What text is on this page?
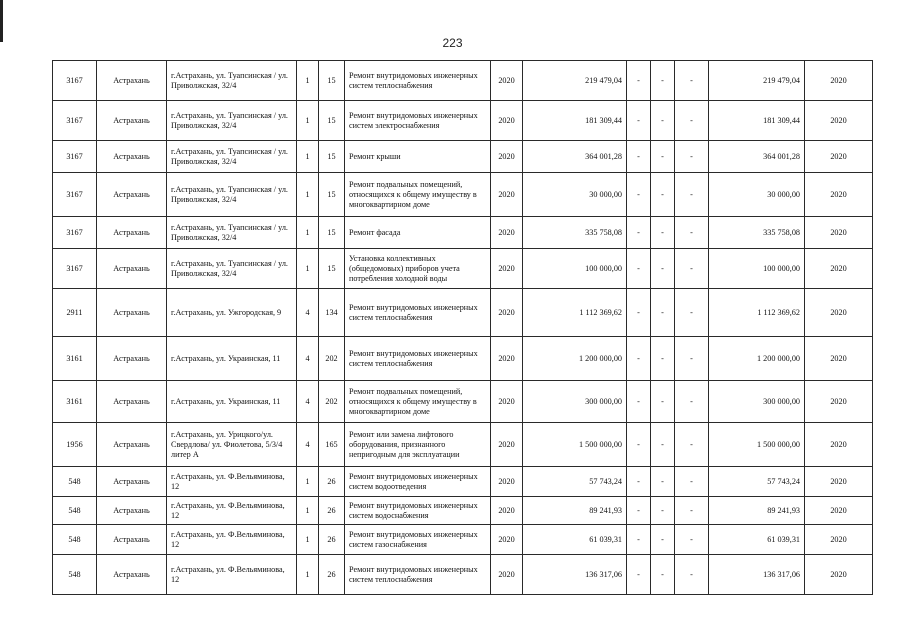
223
3167	Астрахань	г.Астрахань, ул. Туапсинская / ул. Приволжская, 32/4	1	15	Ремонт внутридомовых инженерных систем теплоснабжения	2020	219 479,04	-	-	-	219 479,04	2020
3167	Астрахань	г.Астрахань, ул. Туапсинская / ул. Приволжская, 32/4	1	15	Ремонт внутридомовых инженерных систем электроснабжения	2020	181 309,44	-	-	-	181 309,44	2020
3167	Астрахань	г.Астрахань, ул. Туапсинская / ул. Приволжская, 32/4	1	15	Ремонт крыши	2020	364 001,28	-	-	-	364 001,28	2020
3167	Астрахань	г.Астрахань, ул. Туапсинская / ул. Приволжская, 32/4	1	15	Ремонт подвальных помещений, относящихся к общему имуществу в многоквартирном доме	2020	30 000,00	-	-	-	30 000,00	2020
3167	Астрахань	г.Астрахань, ул. Туапсинская / ул. Приволжская, 32/4	1	15	Ремонт фасада	2020	335 758,08	-	-	-	335 758,08	2020
3167	Астрахань	г.Астрахань, ул. Туапсинская / ул. Приволжская, 32/4	1	15	Установка коллективных (общедомовых) приборов учета потребления холодной воды	2020	100 000,00	-	-	-	100 000,00	2020
2911	Астрахань	г.Астрахань, ул. Ужгородская, 9	4	134	Ремонт внутридомовых инженерных систем теплоснабжения	2020	1 112 369,62	-	-	-	1 112 369,62	2020
3161	Астрахань	г.Астрахань, ул. Украинская, 11	4	202	Ремонт внутридомовых инженерных систем теплоснабжения	2020	1 200 000,00	-	-	-	1 200 000,00	2020
3161	Астрахань	г.Астрахань, ул. Украинская, 11	4	202	Ремонт подвальных помещений, относящихся к общему имуществу в многоквартирном доме	2020	300 000,00	-	-	-	300 000,00	2020
1956	Астрахань	г.Астрахань, ул. Урицкого/ул. Свердлова/ ул. Фиолетова, 5/3/4 литер А	4	165	Ремонт или замена лифтового оборудования, признанного непригодным для эксплуатации	2020	1 500 000,00	-	-	-	1 500 000,00	2020
548	Астрахань	г.Астрахань, ул. Ф.Вельяминова, 12	1	26	Ремонт внутридомовых инженерных систем водоотведения	2020	57 743,24	-	-	-	57 743,24	2020
548	Астрахань	г.Астрахань, ул. Ф.Вельяминова, 12	1	26	Ремонт внутридомовых инженерных систем водоснабжения	2020	89 241,93	-	-	-	89 241,93	2020
548	Астрахань	г.Астрахань, ул. Ф.Вельяминова, 12	1	26	Ремонт внутридомовых инженерных систем газоснабжения	2020	61 039,31	-	-	-	61 039,31	2020
548	Астрахань	г.Астрахань, ул. Ф.Вельяминова, 12	1	26	Ремонт внутридомовых инженерных систем теплоснабжения	2020	136 317,06	-	-	-	136 317,06	2020
